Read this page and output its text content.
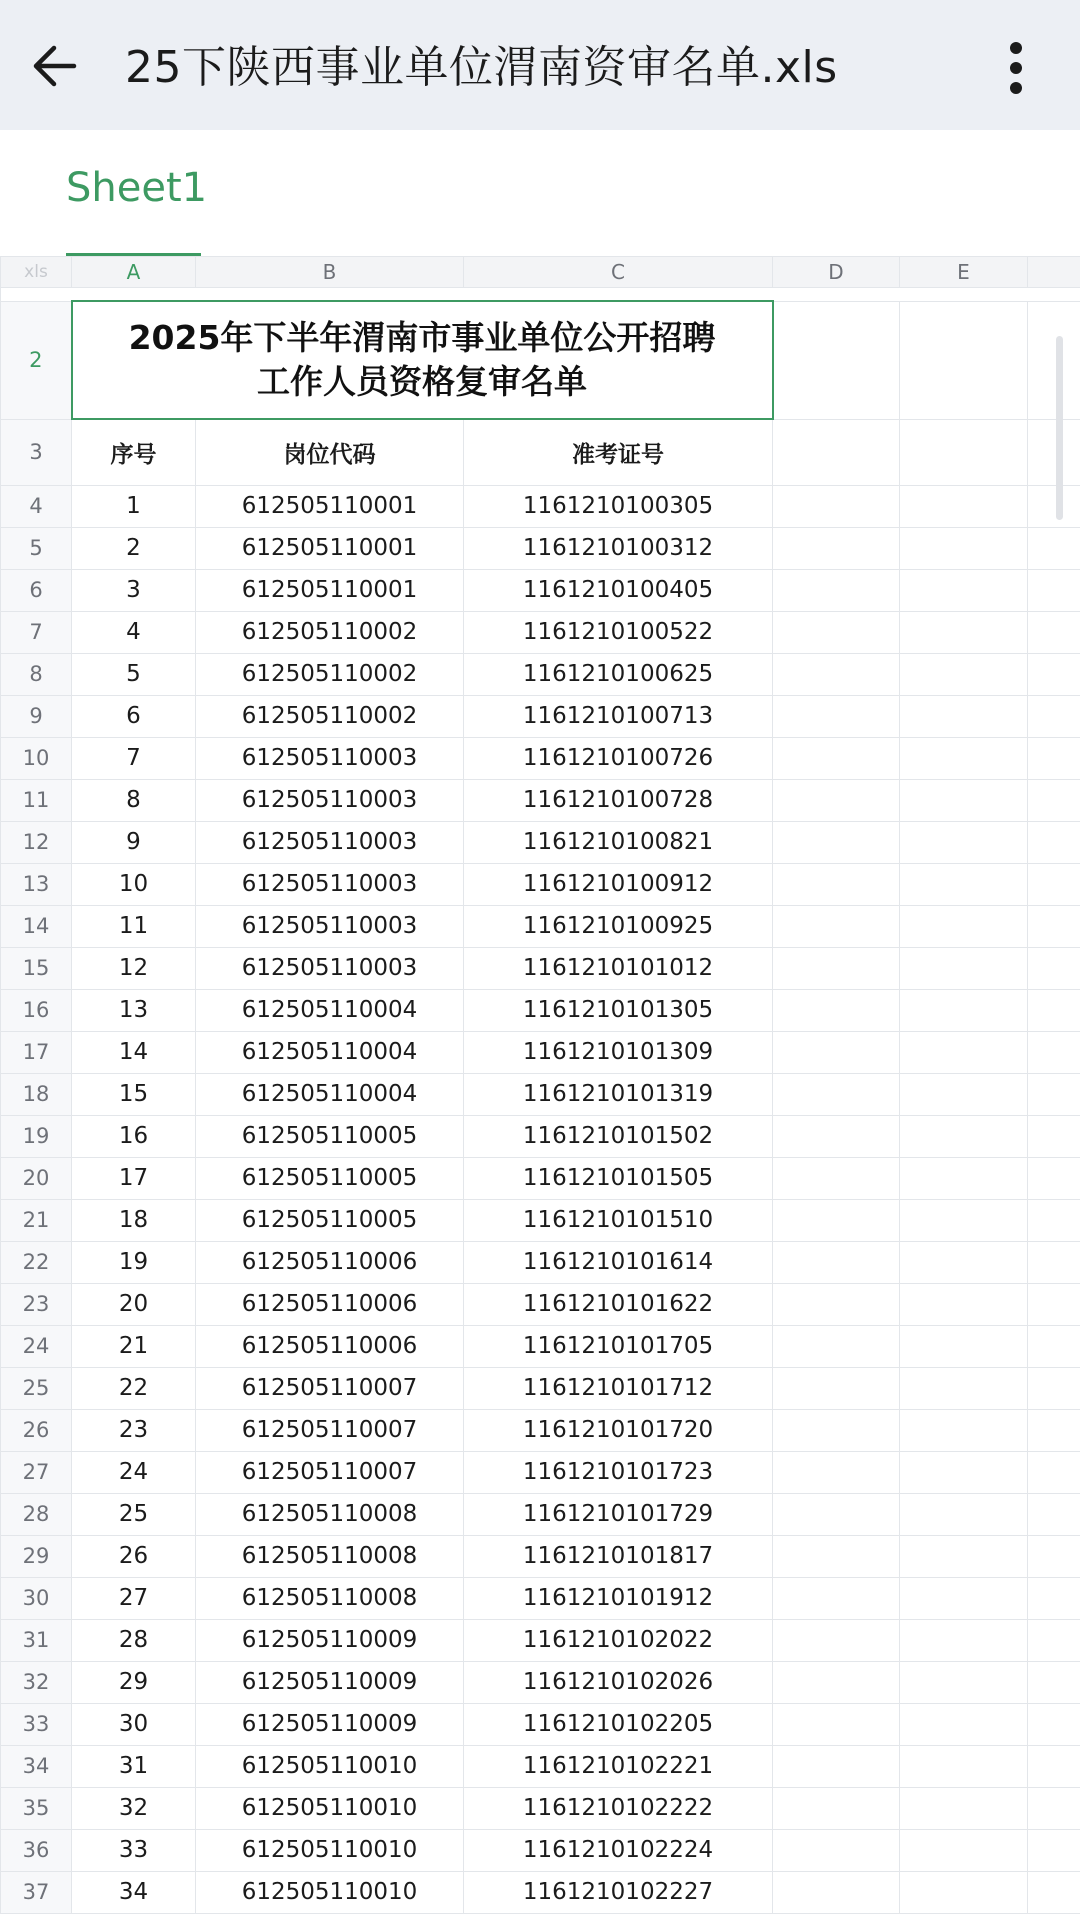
25下陕西事业单位渭南资审名单.xls
Sheet1
xls	A	B	C	D	E	

2	2025年下半年渭南市事业单位公开招聘
工作人员资格复审名单					

3	序号	岗位代码	准考证号			
4	1	612505110001	1161210100305			
5	2	612505110001	1161210100312			
6	3	612505110001	1161210100405			
7	4	612505110002	1161210100522			
8	5	612505110002	1161210100625			
9	6	612505110002	1161210100713			
10	7	612505110003	1161210100726			
11	8	612505110003	1161210100728			
12	9	612505110003	1161210100821			
13	10	612505110003	1161210100912			
14	11	612505110003	1161210100925			
15	12	612505110003	1161210101012			
16	13	612505110004	1161210101305			
17	14	612505110004	1161210101309			
18	15	612505110004	1161210101319			
19	16	612505110005	1161210101502			
20	17	612505110005	1161210101505			
21	18	612505110005	1161210101510			
22	19	612505110006	1161210101614			
23	20	612505110006	1161210101622			
24	21	612505110006	1161210101705			
25	22	612505110007	1161210101712			
26	23	612505110007	1161210101720			
27	24	612505110007	1161210101723			
28	25	612505110008	1161210101729			
29	26	612505110008	1161210101817			
30	27	612505110008	1161210101912			
31	28	612505110009	1161210102022			
32	29	612505110009	1161210102026			
33	30	612505110009	1161210102205			
34	31	612505110010	1161210102221			
35	32	612505110010	1161210102222			
36	33	612505110010	1161210102224			
37	34	612505110010	1161210102227			
